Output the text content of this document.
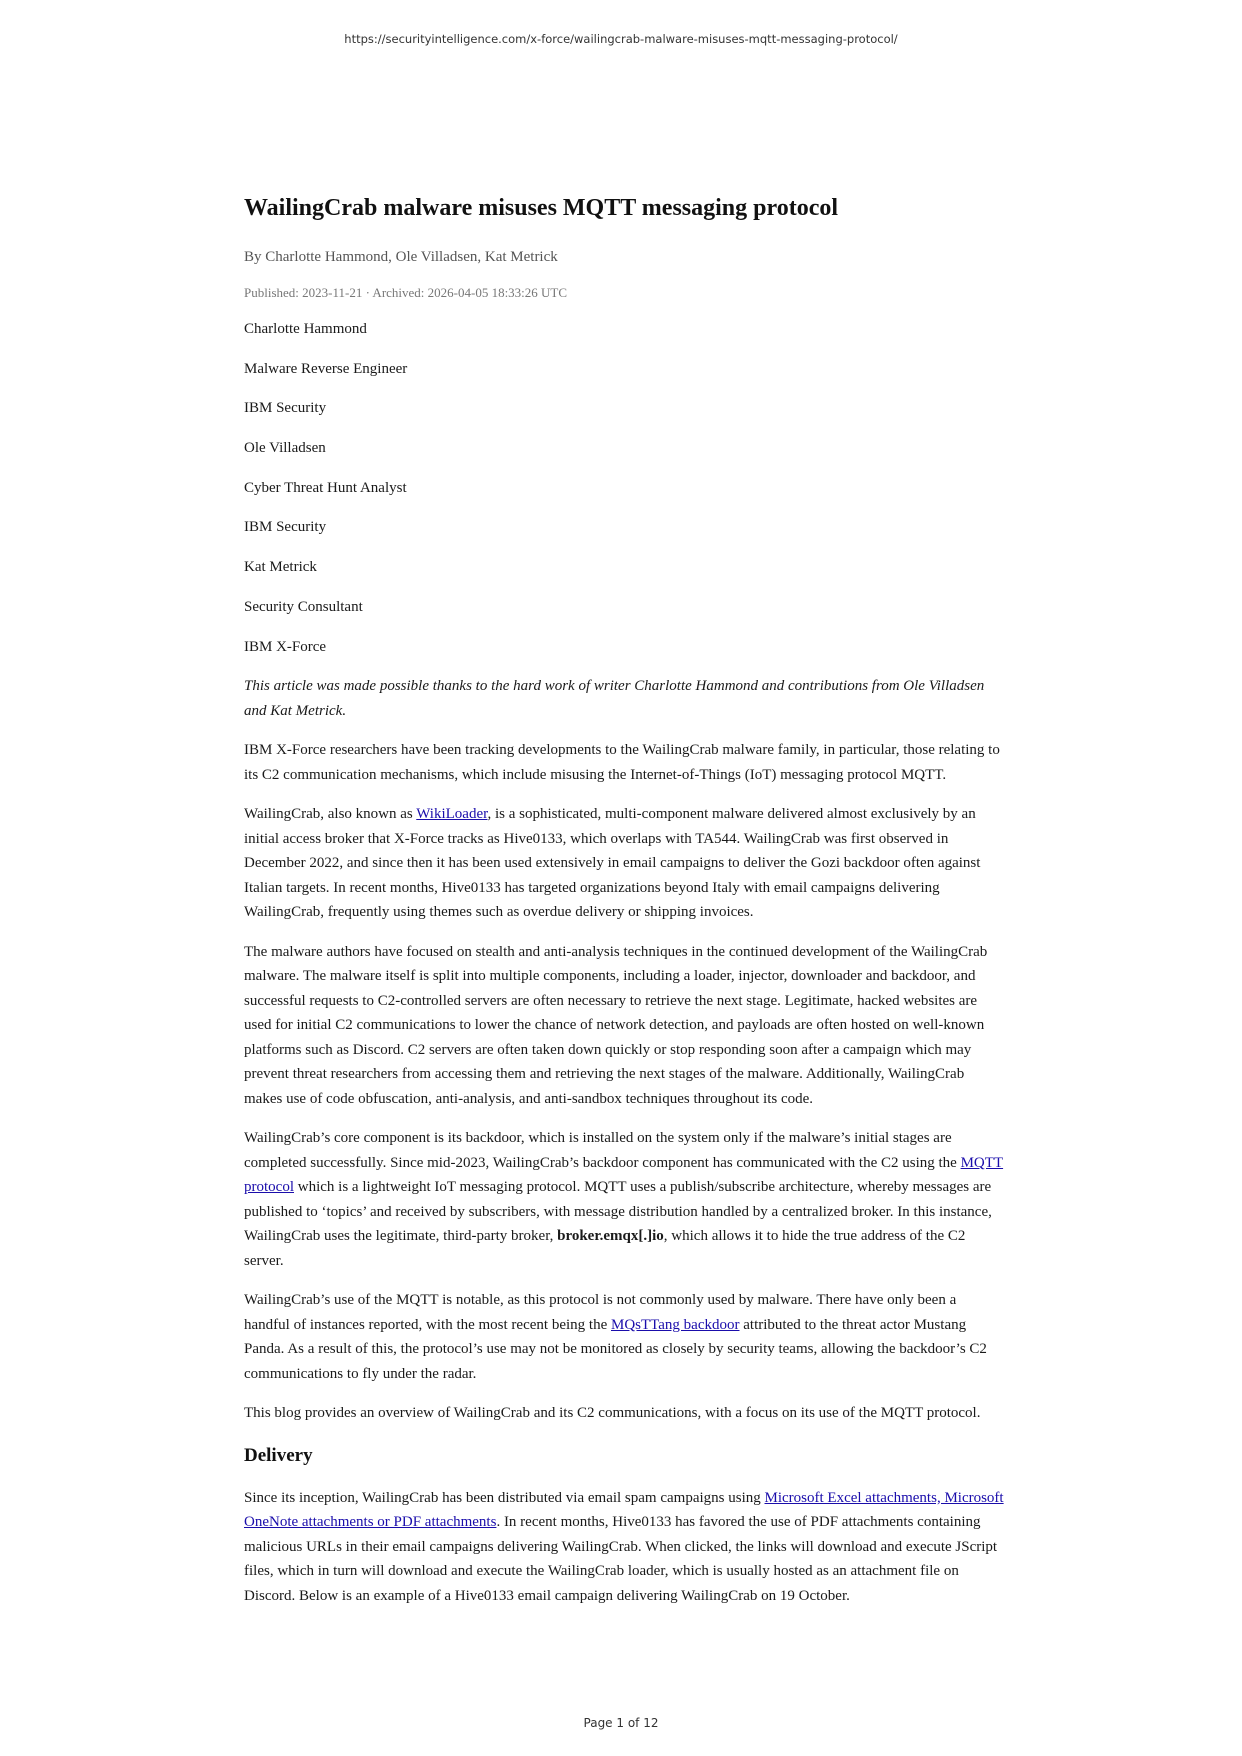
https://securityintelligence.com/x-force/wailingcrab-malware-misuses-mqtt-messaging-protocol/
WailingCrab malware misuses MQTT messaging protocol
By Charlotte Hammond, Ole Villadsen, Kat Metrick
Published: 2023-11-21 · Archived: 2026-04-05 18:33:26 UTC

Charlotte Hammond

Malware Reverse Engineer

IBM Security

Ole Villadsen

Cyber Threat Hunt Analyst

IBM Security

Kat Metrick

Security Consultant

IBM X-Force

This article was made possible thanks to the hard work of writer Charlotte Hammond and contributions from Ole Villadsen and Kat Metrick.

IBM X-Force researchers have been tracking developments to the WailingCrab malware family, in particular, those relating to its C2 communication mechanisms, which include misusing the Internet-of-Things (IoT) messaging protocol MQTT.

WailingCrab, also known as WikiLoader, is a sophisticated, multi-component malware delivered almost exclusively by an initial access broker that X-Force tracks as Hive0133, which overlaps with TA544. WailingCrab was first observed in December 2022, and since then it has been used extensively in email campaigns to deliver the Gozi backdoor often against Italian targets. In recent months, Hive0133 has targeted organizations beyond Italy with email campaigns delivering WailingCrab, frequently using themes such as overdue delivery or shipping invoices.

The malware authors have focused on stealth and anti-analysis techniques in the continued development of the WailingCrab malware. The malware itself is split into multiple components, including a loader, injector, downloader and backdoor, and successful requests to C2-controlled servers are often necessary to retrieve the next stage. Legitimate, hacked websites are used for initial C2 communications to lower the chance of network detection, and payloads are often hosted on well-known platforms such as Discord. C2 servers are often taken down quickly or stop responding soon after a campaign which may prevent threat researchers from accessing them and retrieving the next stages of the malware. Additionally, WailingCrab makes use of code obfuscation, anti-analysis, and anti-sandbox techniques throughout its code.

WailingCrab’s core component is its backdoor, which is installed on the system only if the malware’s initial stages are completed successfully. Since mid-2023, WailingCrab’s backdoor component has communicated with the C2 using the MQTT protocol which is a lightweight IoT messaging protocol. MQTT uses a publish/subscribe architecture, whereby messages are published to ‘topics’ and received by subscribers, with message distribution handled by a centralized broker. In this instance, WailingCrab uses the legitimate, third-party broker, broker.emqx[.]io, which allows it to hide the true address of the C2 server.

WailingCrab’s use of the MQTT is notable, as this protocol is not commonly used by malware. There have only been a handful of instances reported, with the most recent being the MQsTTang backdoor attributed to the threat actor Mustang Panda. As a result of this, the protocol’s use may not be monitored as closely by security teams, allowing the backdoor’s C2 communications to fly under the radar.

This blog provides an overview of WailingCrab and its C2 communications, with a focus on its use of the MQTT protocol.

Delivery

Since its inception, WailingCrab has been distributed via email spam campaigns using Microsoft Excel attachments, Microsoft OneNote attachments or PDF attachments. In recent months, Hive0133 has favored the use of PDF attachments containing malicious URLs in their email campaigns delivering WailingCrab. When clicked, the links will download and execute JScript files, which in turn will download and execute the WailingCrab loader, which is usually hosted as an attachment file on Discord. Below is an example of a Hive0133 email campaign delivering WailingCrab on 19 October.

Page 1 of 12
